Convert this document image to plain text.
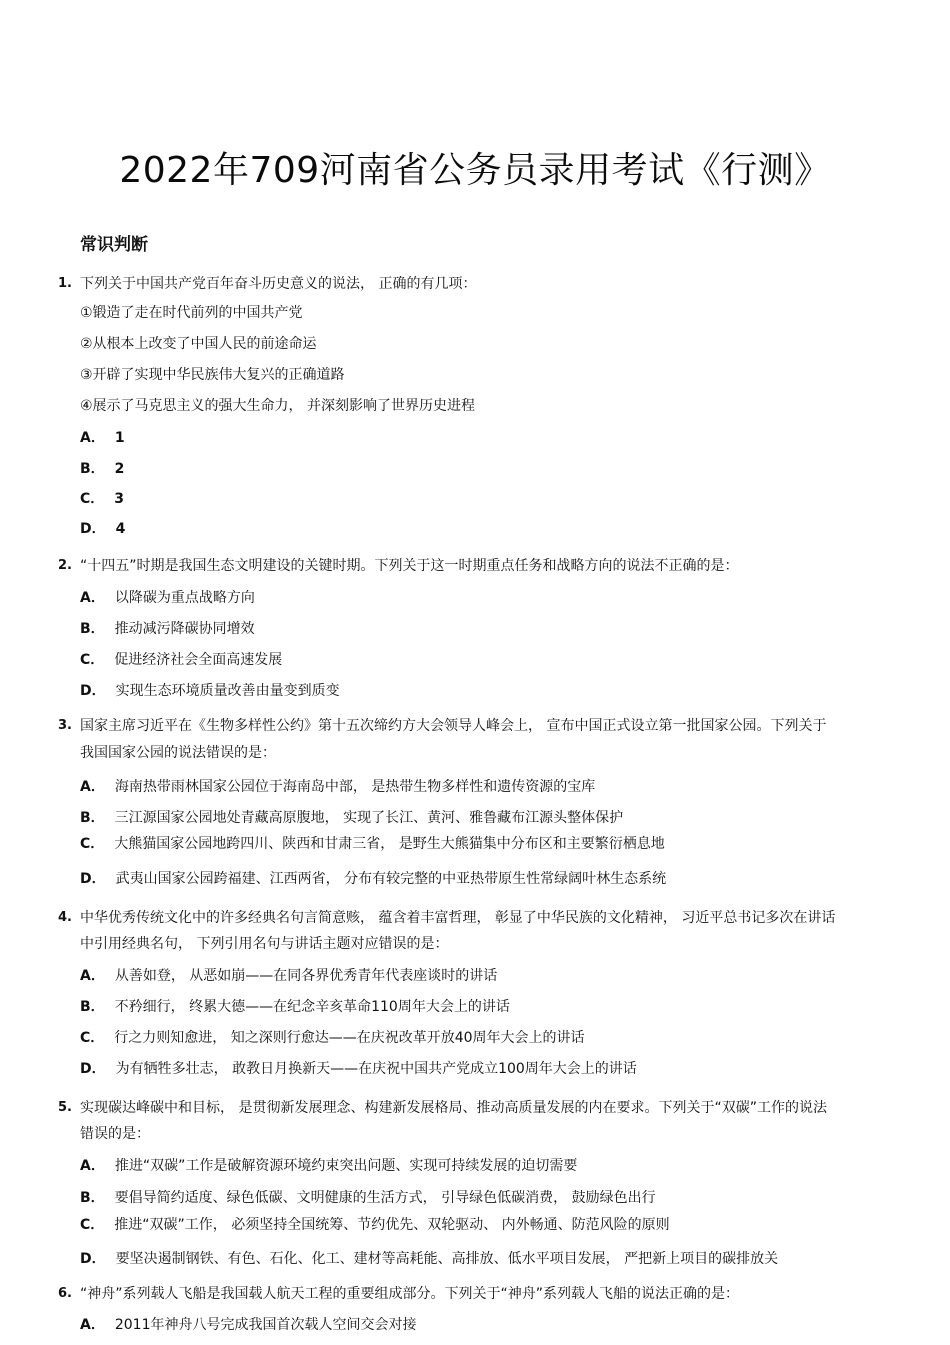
2022年709河南省公务员录用考试《行测》
常识判断
1. 下列关于中国共产党百年奋斗历史意义的说法， 正确的有几项：
①锻造了走在时代前列的中国共产党
②从根本上改变了中国人民的前途命运
③开辟了实现中华民族伟大复兴的正确道路
④展示了马克思主义的强大生命力， 并深刻影响了世界历史进程
A． 1
B． 2
C． 3
D． 4
2. “十四五”时期是我国生态文明建设的关键时期。下列关于这一时期重点任务和战略方向的说法不正确的是：
A． 以降碳为重点战略方向
B． 推动减污降碳协同增效
C． 促进经济社会全面高速发展
D． 实现生态环境质量改善由量变到质变
3. 国家主席习近平在《生物多样性公约》第十五次缔约方大会领导人峰会上， 宣布中国正式设立第一批国家公园。下列关于
我国国家公园的说法错误的是：
A． 海南热带雨林国家公园位于海南岛中部， 是热带生物多样性和遗传资源的宝库
B． 三江源国家公园地处青藏高原腹地， 实现了长江、黄河、雅鲁藏布江源头整体保护
C． 大熊猫国家公园地跨四川、陕西和甘肃三省， 是野生大熊猫集中分布区和主要繁衍栖息地
D． 武夷山国家公园跨福建、江西两省， 分布有较完整的中亚热带原生性常绿阔叶林生态系统
4. 中华优秀传统文化中的许多经典名句言简意赅， 蕴含着丰富哲理， 彰显了中华民族的文化精神， 习近平总书记多次在讲话
中引用经典名句， 下列引用名句与讲话主题对应错误的是：
A． 从善如登， 从恶如崩——在同各界优秀青年代表座谈时的讲话
B． 不矜细行， 终累大德——在纪念辛亥革命110周年大会上的讲话
C． 行之力则知愈进， 知之深则行愈达——在庆祝改革开放40周年大会上的讲话
D． 为有牺牲多壮志， 敢教日月换新天——在庆祝中国共产党成立100周年大会上的讲话
5. 实现碳达峰碳中和目标， 是贯彻新发展理念、构建新发展格局、推动高质量发展的内在要求。下列关于“双碳”工作的说法
错误的是：
A． 推进“双碳”工作是破解资源环境约束突出问题、实现可持续发展的迫切需要
B． 要倡导简约适度、绿色低碳、文明健康的生活方式， 引导绿色低碳消费， 鼓励绿色出行
C． 推进“双碳”工作， 必须坚持全国统筹、节约优先、双轮驱动、 内外畅通、防范风险的原则
D． 要坚决遏制钢铁、有色、石化、化工、建材等高耗能、高排放、低水平项目发展， 严把新上项目的碳排放关
6. “神舟”系列载人飞船是我国载人航天工程的重要组成部分。下列关于“神舟”系列载人飞船的说法正确的是：
A． 2011年神舟八号完成我国首次载人空间交会对接
